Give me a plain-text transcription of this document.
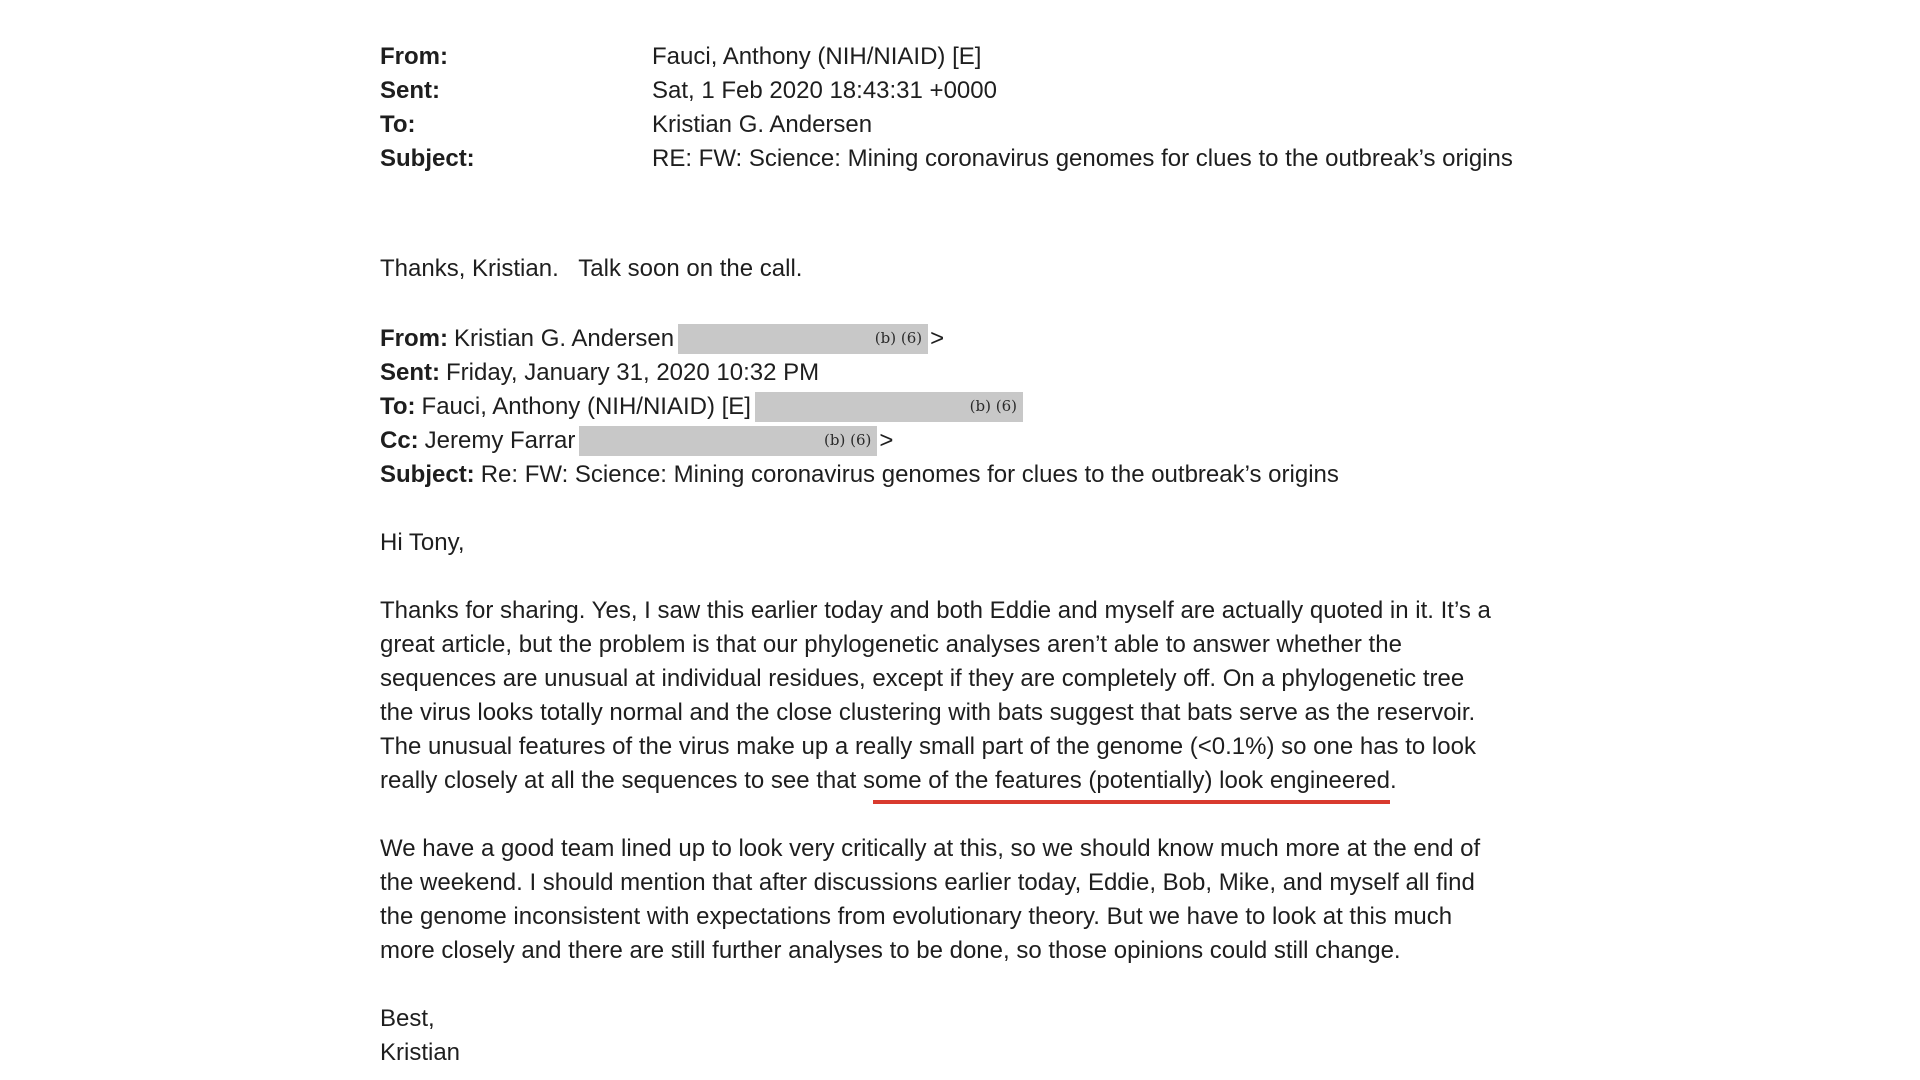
From:	Fauci, Anthony (NIH/NIAID) [E]
Sent:	Sat, 1 Feb 2020 18:43:31 +0000
To:	Kristian G. Andersen
Subject:	RE: FW: Science: Mining coronavirus genomes for clues to the outbreak’s origins

Thanks, Kristian.   Talk soon on the call.

From: Kristian G. Andersen	(b) (6) >
Sent: Friday, January 31, 2020 10:32 PM
To: Fauci, Anthony (NIH/NIAID) [E]	(b) (6)
Cc: Jeremy Farrar	(b) (6) >
Subject: Re: FW: Science: Mining coronavirus genomes for clues to the outbreak’s origins

Hi Tony,

Thanks for sharing. Yes, I saw this earlier today and both Eddie and myself are actually quoted in it. It’s a
great article, but the problem is that our phylogenetic analyses aren’t able to answer whether the
sequences are unusual at individual residues, except if they are completely off. On a phylogenetic tree
the virus looks totally normal and the close clustering with bats suggest that bats serve as the reservoir.
The unusual features of the virus make up a really small part of the genome (<0.1%) so one has to look
really closely at all the sequences to see that some of the features (potentially) look engineered.
We have a good team lined up to look very critically at this, so we should know much more at the end of
the weekend. I should mention that after discussions earlier today, Eddie, Bob, Mike, and myself all find
the genome inconsistent with expectations from evolutionary theory. But we have to look at this much
more closely and there are still further analyses to be done, so those opinions could still change.

Best,

Kristian
